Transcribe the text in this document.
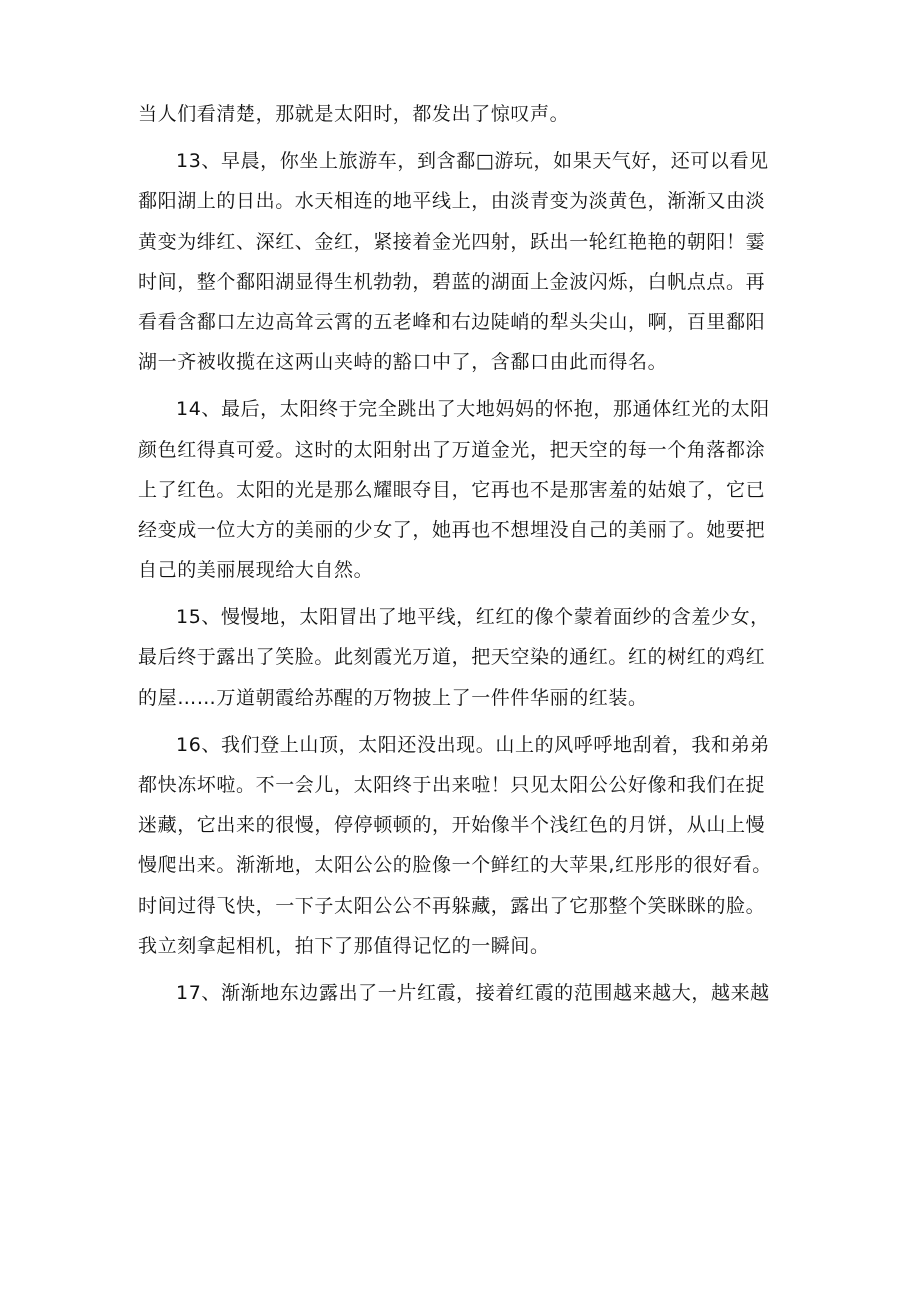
当人们看清楚，那就是太阳时，都发出了惊叹声。
13、早晨，你坐上旅游车，到含鄱□游玩，如果天气好，还可以看见
鄱阳湖上的日出。水天相连的地平线上，由淡青变为淡黄色，渐渐又由淡
黄变为绯红、深红、金红，紧接着金光四射，跃出一轮红艳艳的朝阳！霎
时间，整个鄱阳湖显得生机勃勃，碧蓝的湖面上金波闪烁，白帆点点。再
看看含鄱口左边高耸云霄的五老峰和右边陡峭的犁头尖山，啊，百里鄱阳
湖一齐被收揽在这两山夹峙的豁口中了，含鄱口由此而得名。
14、最后，太阳终于完全跳出了大地妈妈的怀抱，那通体红光的太阳
颜色红得真可爱。这时的太阳射出了万道金光，把天空的每一个角落都涂
上了红色。太阳的光是那么耀眼夺目，它再也不是那害羞的姑娘了，它已
经变成一位大方的美丽的少女了，她再也不想埋没自己的美丽了。她要把
自己的美丽展现给大自然。
15、慢慢地，太阳冒出了地平线，红红的像个蒙着面纱的含羞少女，
最后终于露出了笑脸。此刻霞光万道，把天空染的通红。红的树红的鸡红
的屋……万道朝霞给苏醒的万物披上了一件件华丽的红装。
16、我们登上山顶，太阳还没出现。山上的风呼呼地刮着，我和弟弟
都快冻坏啦。不一会儿，太阳终于出来啦！只见太阳公公好像和我们在捉
迷藏，它出来的很慢，停停顿顿的，开始像半个浅红色的月饼，从山上慢
慢爬出来。渐渐地，太阳公公的脸像一个鲜红的大苹果,红彤彤的很好看。
时间过得飞快，一下子太阳公公不再躲藏，露出了它那整个笑眯眯的脸。
我立刻拿起相机，拍下了那值得记忆的一瞬间。
17、渐渐地东边露出了一片红霞，接着红霞的范围越来越大，越来越
